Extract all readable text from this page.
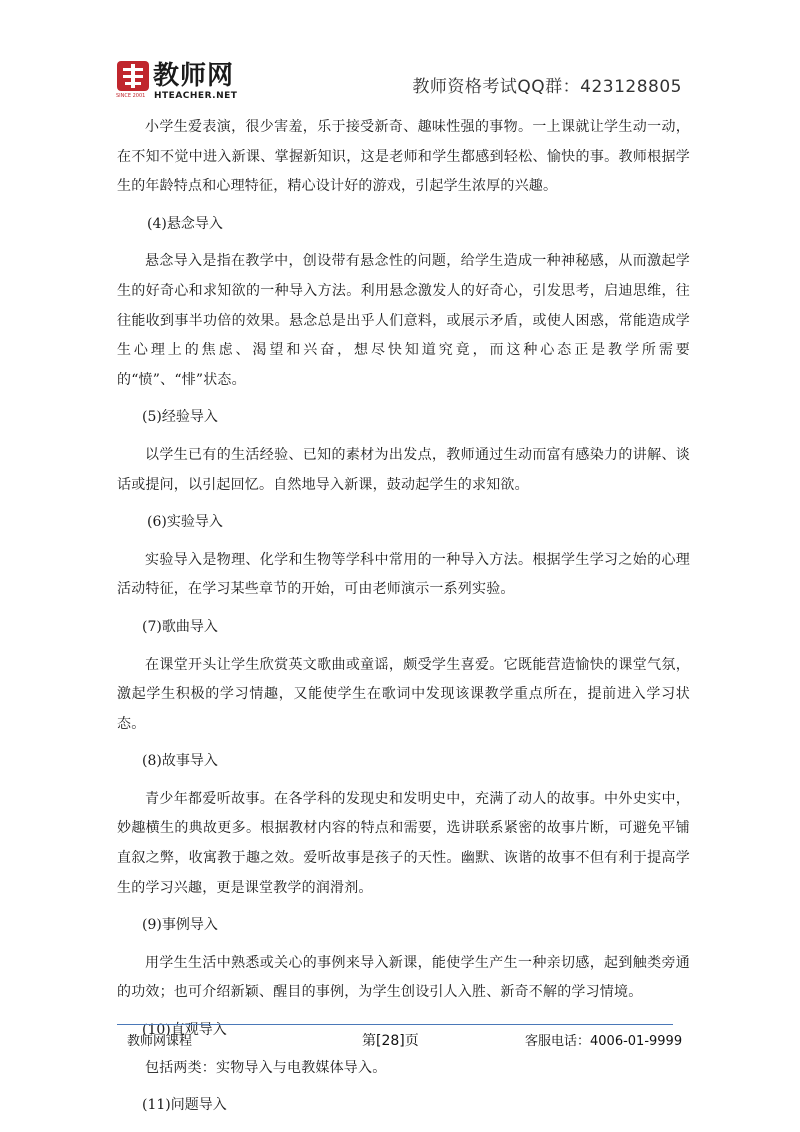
教师网
HTEACHER.NET
SINCE 2001	教师资格考试QQ群：423128805

小学生爱表演，很少害羞，乐于接受新奇、趣味性强的事物。一上课就让学生动一动，在不知不觉中进入新课、掌握新知识，这是老师和学生都感到轻松、愉快的事。教师根据学生的年龄特点和心理特征，精心设计好的游戏，引起学生浓厚的兴趣。

(4)悬念导入

悬念导入是指在教学中，创设带有悬念性的问题，给学生造成一种神秘感，从而激起学生的好奇心和求知欲的一种导入方法。利用悬念激发人的好奇心，引发思考，启迪思维，往往能收到事半功倍的效果。悬念总是出乎人们意料，或展示矛盾，或使人困惑，常能造成学生心理上的焦虑、渴望和兴奋，想尽快知道究竟，而这种心态正是教学所需要的“愤”、“悱”状态。

(5)经验导入

以学生已有的生活经验、已知的素材为出发点，教师通过生动而富有感染力的讲解、谈话或提问，以引起回忆。自然地导入新课，鼓动起学生的求知欲。

(6)实验导入

实验导入是物理、化学和生物等学科中常用的一种导入方法。根据学生学习之始的心理活动特征，在学习某些章节的开始，可由老师演示一系列实验。

(7)歌曲导入

在课堂开头让学生欣赏英文歌曲或童谣，颇受学生喜爱。它既能营造愉快的课堂气氛，激起学生积极的学习情趣，又能使学生在歌词中发现该课教学重点所在，提前进入学习状态。

(8)故事导入

青少年都爱听故事。在各学科的发现史和发明史中，充满了动人的故事。中外史实中，妙趣横生的典故更多。根据教材内容的特点和需要，选讲联系紧密的故事片断，可避免平铺直叙之弊，收寓教于趣之效。爱听故事是孩子的天性。幽默、诙谐的故事不但有利于提高学生的学习兴趣，更是课堂教学的润滑剂。

(9)事例导入

用学生生活中熟悉或关心的事例来导入新课，能使学生产生一种亲切感，起到触类旁通的功效；也可介绍新颖、醒目的事例，为学生创设引人入胜、新奇不解的学习情境。

(10)直观导入

包括两类：实物导入与电教媒体导入。

(11)问题导入

教师网课程	第[28]页	客服电话：4006-01-9999
